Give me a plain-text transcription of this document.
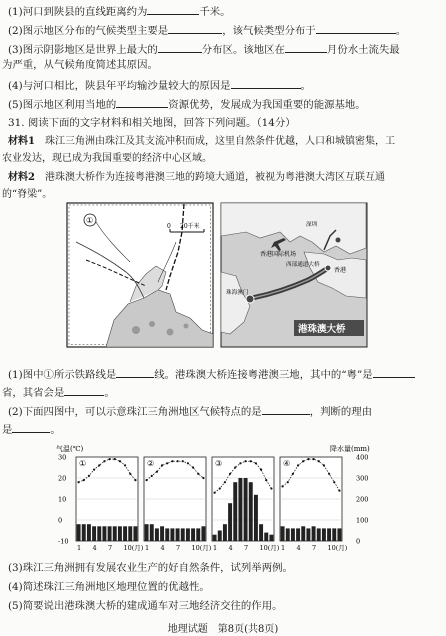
(1)河口到陕县的直线距离约为	千米。
(2)图示地区分布的气候类型主要是	，该气候类型分布于	。
(3)图示阴影地区是世界上最大的	分布区。该地区在	月份水土流失最
为严重，从气候角度简述其原因。
(4)与河口相比，陕县年平均输沙量较大的原因是	。
(5)图示地区利用当地的	资源优势，发展成为我国重要的能源基地。
31. 阅读下面的文字材料和相关地图，回答下列问题。（14分）
材料1　 珠江三角洲由珠江及其支流冲积而成，这里自然条件优越，人口和城镇密集，工
农业发达，现已成为我国重要的经济中心区域。
材料2　 港珠澳大桥作为连接粤港澳三地的跨境大通道，被视为粤港澳大湾区互联互通
的“脊梁”。
0 20千米
①
香港国际机场
深圳
西部通道大桥
香港
珠海澳门
港珠澳大桥
(1)图中①所示铁路线是	线。港珠澳大桥连接粤港澳三地，其中的“粤”是
省，其省会是	。
(2)下面四图中，可以示意珠江三角洲地区气候特点的是	，判断的理由
是	。
气温(℃)	降水量(mm)
30
20
10
0
-10
400
300
200
100
0
①
1 4 7 10(月)
②
1 4 7 10(月)
③
1 4 7 10(月)
④
1 4 7 10(月)
(3)珠江三角洲拥有发展农业生产的好自然条件，试列举两例。
(4)简述珠江三角洲地区地理位置的优越性。
(5)简要说出港珠澳大桥的建成通车对三地经济交往的作用。
地理试题　第8页(共8页)
